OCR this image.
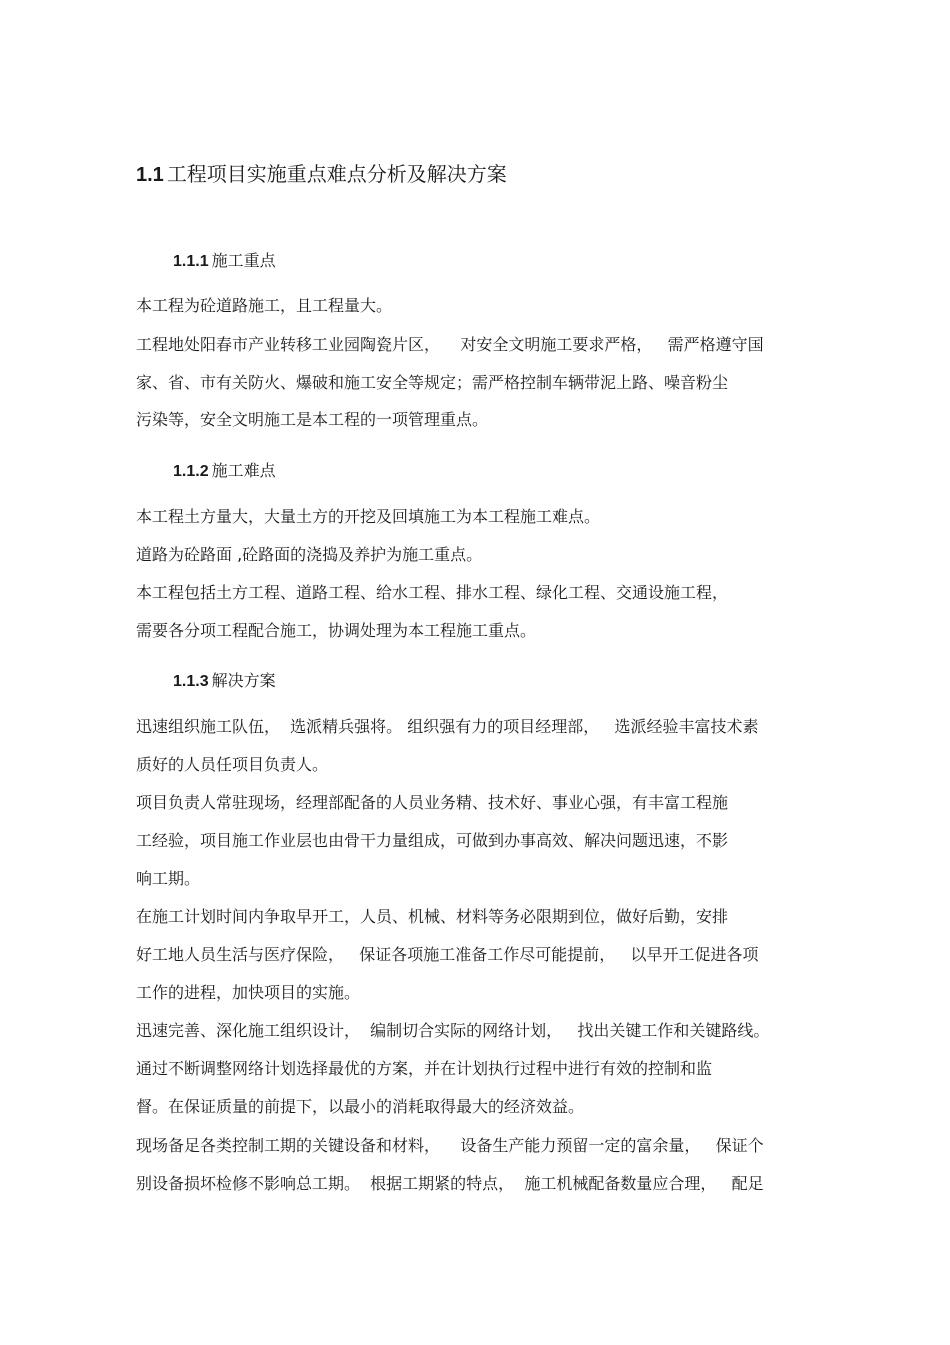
1.1 工程项目实施重点难点分析及解决方案
1.1.1 施工重点
本工程为砼道路施工，且工程量大。
工程地处阳春市产业转移工业园陶瓷片区，    对安全文明施工要求严格，   需严格遵守国
家、省、市有关防火、爆破和施工安全等规定；需严格控制车辆带泥上路、噪音粉尘
污染等，安全文明施工是本工程的一项管理重点。
1.1.2 施工难点
本工程土方量大，大量土方的开挖及回填施工为本工程施工难点。
道路为砼路面 ,砼路面的浇捣及养护为施工重点。
本工程包括土方工程、道路工程、给水工程、排水工程、绿化工程、交通设施工程，
需要各分项工程配合施工，协调处理为本工程施工重点。
1.1.3 解决方案
迅速组织施工队伍，  选派精兵强将。 组织强有力的项目经理部，   选派经验丰富技术素
质好的人员任项目负责人。
项目负责人常驻现场，经理部配备的人员业务精、技术好、事业心强，有丰富工程施
工经验，项目施工作业层也由骨干力量组成，可做到办事高效、解决问题迅速，不影
响工期。
在施工计划时间内争取早开工，人员、机械、材料等务必限期到位，做好后勤，安排
好工地人员生活与医疗保险，   保证各项施工准备工作尽可能提前，   以早开工促进各项
工作的进程，加快项目的实施。
迅速完善、深化施工组织设计，  编制切合实际的网络计划，   找出关键工作和关键路线。
通过不断调整网络计划选择最优的方案，并在计划执行过程中进行有效的控制和监
督。在保证质量的前提下，以最小的消耗取得最大的经济效益。
现场备足各类控制工期的关键设备和材料，    设备生产能力预留一定的富余量，   保证个
别设备损坏检修不影响总工期。  根据工期紧的特点，  施工机械配备数量应合理，   配足
